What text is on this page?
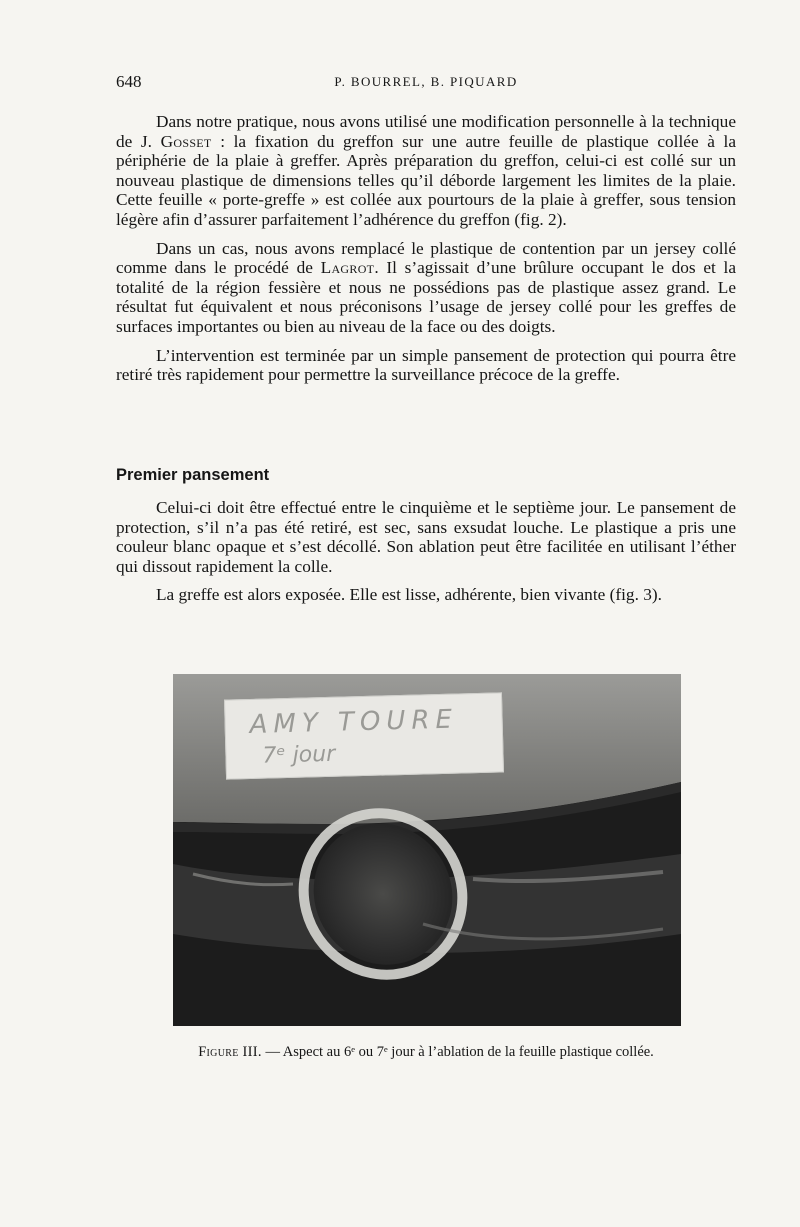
648	P. BOURREL, B. PIQUARD

Dans notre pratique, nous avons utilisé une modification personnelle à la technique de J. Gosset : la fixation du greffon sur une autre feuille de plastique collée à la périphérie de la plaie à greffer. Après préparation du greffon, celui-ci est collé sur un nouveau plastique de dimensions telles qu’il déborde largement les limites de la plaie. Cette feuille « porte-greffe » est collée aux pourtours de la plaie à greffer, sous tension légère afin d’assurer parfaitement l’adhérence du greffon (fig. 2).

Dans un cas, nous avons remplacé le plastique de contention par un jersey collé comme dans le procédé de Lagrot. Il s’agissait d’une brûlure occupant le dos et la totalité de la région fessière et nous ne possédions pas de plastique assez grand. Le résultat fut équivalent et nous préconisons l’usage de jersey collé pour les greffes de surfaces importantes ou bien au niveau de la face ou des doigts.

L’intervention est terminée par un simple pansement de protection qui pourra être retiré très rapidement pour permettre la surveillance précoce de la greffe.

Premier pansement

Celui-ci doit être effectué entre le cinquième et le septième jour. Le pansement de protection, s’il n’a pas été retiré, est sec, sans exsudat louche. Le plastique a pris une couleur blanc opaque et s’est décollé. Son ablation peut être facilitée en utilisant l’éther qui dissout rapidement la colle.

La greffe est alors exposée. Elle est lisse, adhérente, bien vivante (fig. 3).

AMY TOURE
7ᵉ jour

Figure III. — Aspect au 6ᵉ ou 7ᵉ jour à l’ablation de la feuille plastique collée.
